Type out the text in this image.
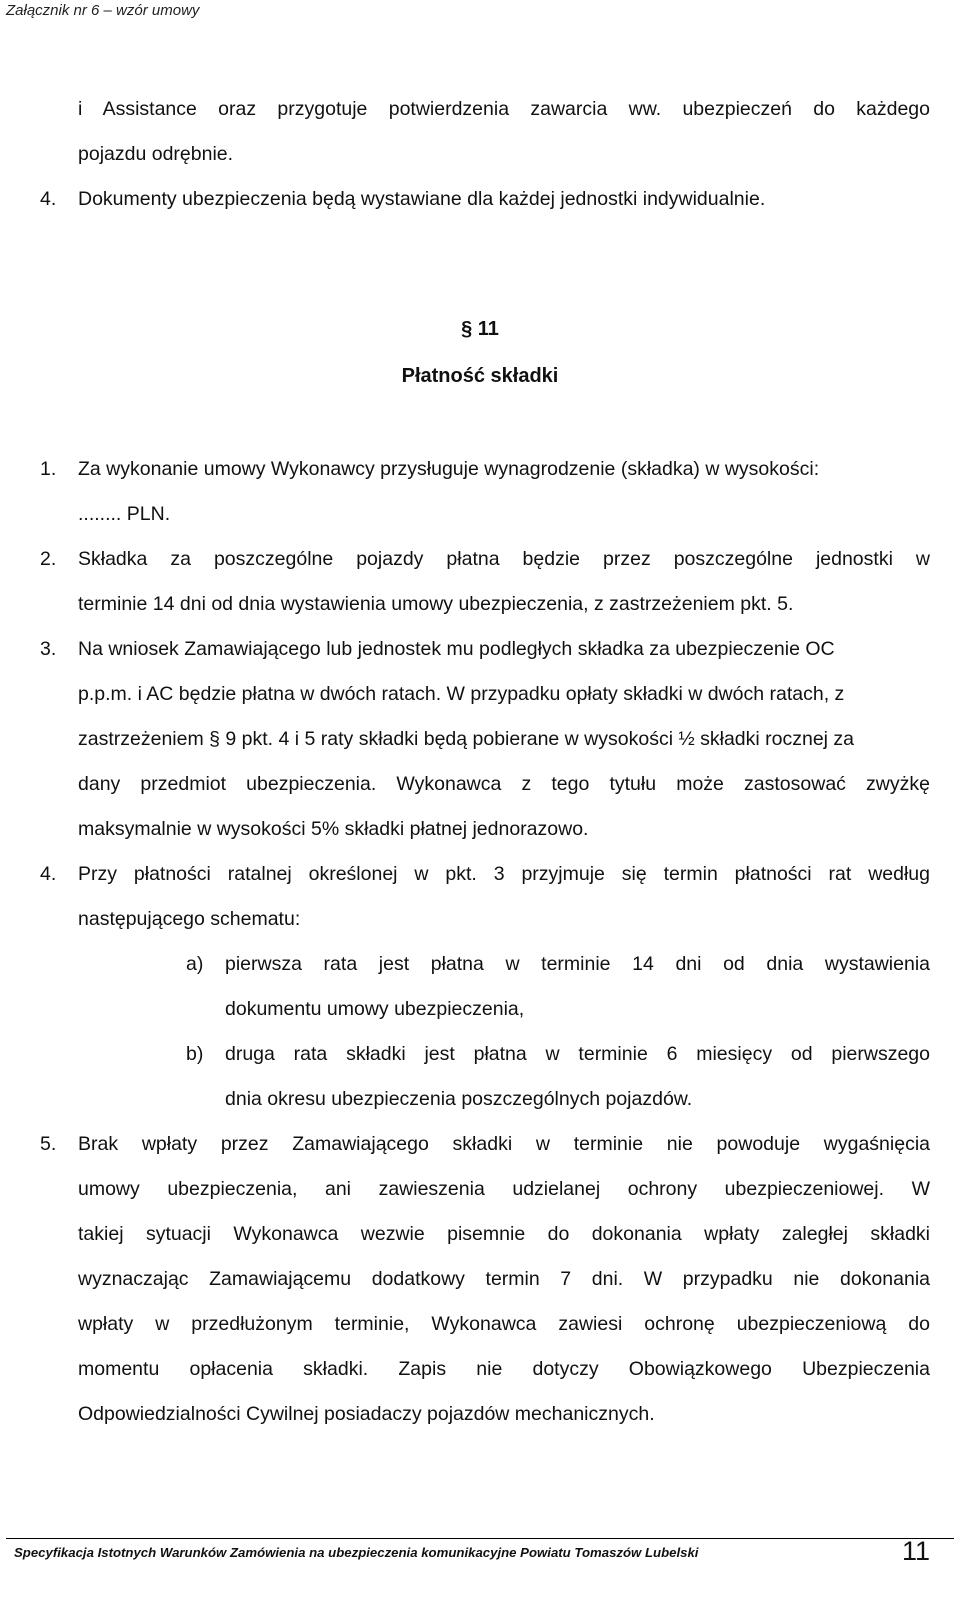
Załącznik nr 6 – wzór umowy
i Assistance oraz przygotuje potwierdzenia zawarcia ww. ubezpieczeń do każdego
pojazdu odrębnie.
4. Dokumenty ubezpieczenia będą wystawiane dla każdej jednostki indywidualnie.
§ 11
Płatność składki
1. Za wykonanie umowy Wykonawcy przysługuje wynagrodzenie (składka) w wysokości:
........ PLN.
2. Składka za poszczególne pojazdy płatna będzie przez poszczególne jednostki w
terminie 14 dni od dnia wystawienia umowy ubezpieczenia, z zastrzeżeniem pkt. 5.
3. Na wniosek Zamawiającego lub jednostek mu podległych składka za ubezpieczenie OC
p.p.m. i AC będzie płatna w dwóch ratach. W przypadku opłaty składki w dwóch ratach, z
zastrzeżeniem § 9 pkt. 4 i 5 raty składki będą pobierane w wysokości ½ składki rocznej za
dany przedmiot ubezpieczenia. Wykonawca z tego tytułu może zastosować zwyżkę
maksymalnie w wysokości 5% składki płatnej jednorazowo.
4. Przy płatności ratalnej określonej w pkt. 3 przyjmuje się termin płatności rat według
następującego schematu:
a) pierwsza rata jest płatna w terminie 14 dni od dnia wystawienia
dokumentu umowy ubezpieczenia,
b) druga rata składki jest płatna w terminie 6 miesięcy od pierwszego
dnia okresu ubezpieczenia poszczególnych pojazdów.
5. Brak wpłaty przez Zamawiającego składki w terminie nie powoduje wygaśnięcia
umowy ubezpieczenia, ani zawieszenia udzielanej ochrony ubezpieczeniowej. W
takiej sytuacji Wykonawca wezwie pisemnie do dokonania wpłaty zaległej składki
wyznaczając Zamawiającemu dodatkowy termin 7 dni. W przypadku nie dokonania
wpłaty w przedłużonym terminie, Wykonawca zawiesi ochronę ubezpieczeniową do
momentu opłacenia składki. Zapis nie dotyczy Obowiązkowego Ubezpieczenia
Odpowiedzialności Cywilnej posiadaczy pojazdów mechanicznych.
Specyfikacja Istotnych Warunków Zamówienia na ubezpieczenia komunikacyjne Powiatu Tomaszów Lubelski	11
